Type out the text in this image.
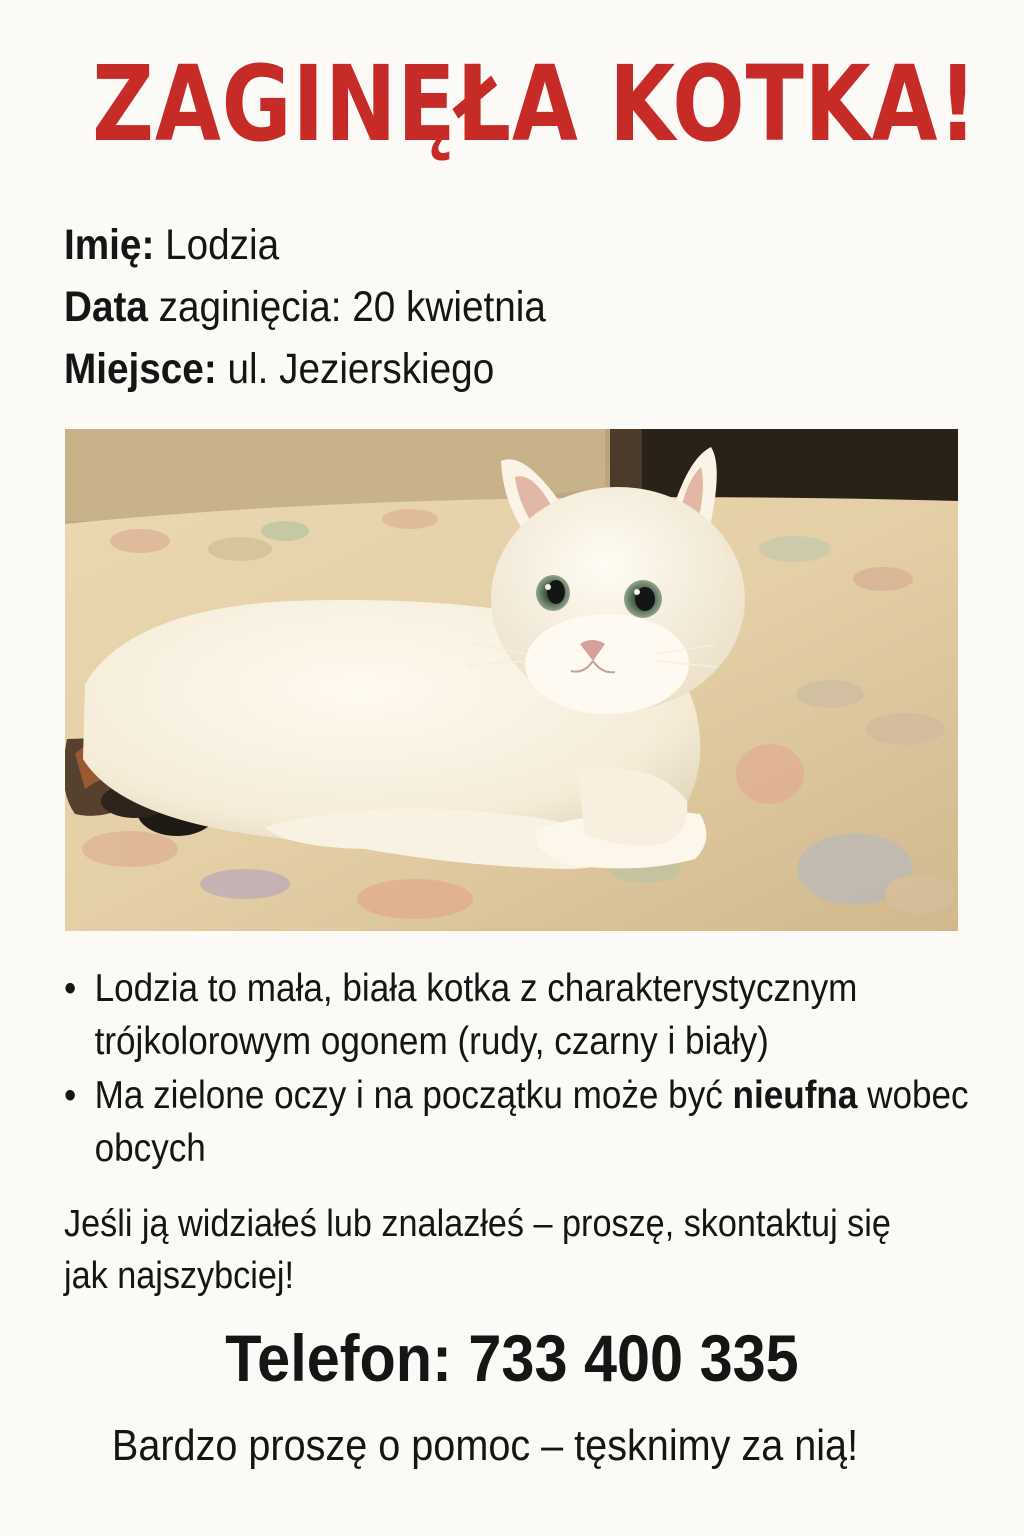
ZAGINĘŁA KOTKA!
Imię: Lodzia
Data zaginięcia: 20 kwietnia
Miejsce: ul. Jezierskiego
• Lodzia to mała, biała kotka z charakterystycznym trójkolorowym ogonem (rudy, czarny i biały)
• Ma zielone oczy i na początku może być nieufna wobec obcych
Jeśli ją widziałeś lub znalazłeś – proszę, skontaktuj się jak najszybciej!
Telefon: 733 400 335
Bardzo proszę o pomoc – tęsknimy za nią!
